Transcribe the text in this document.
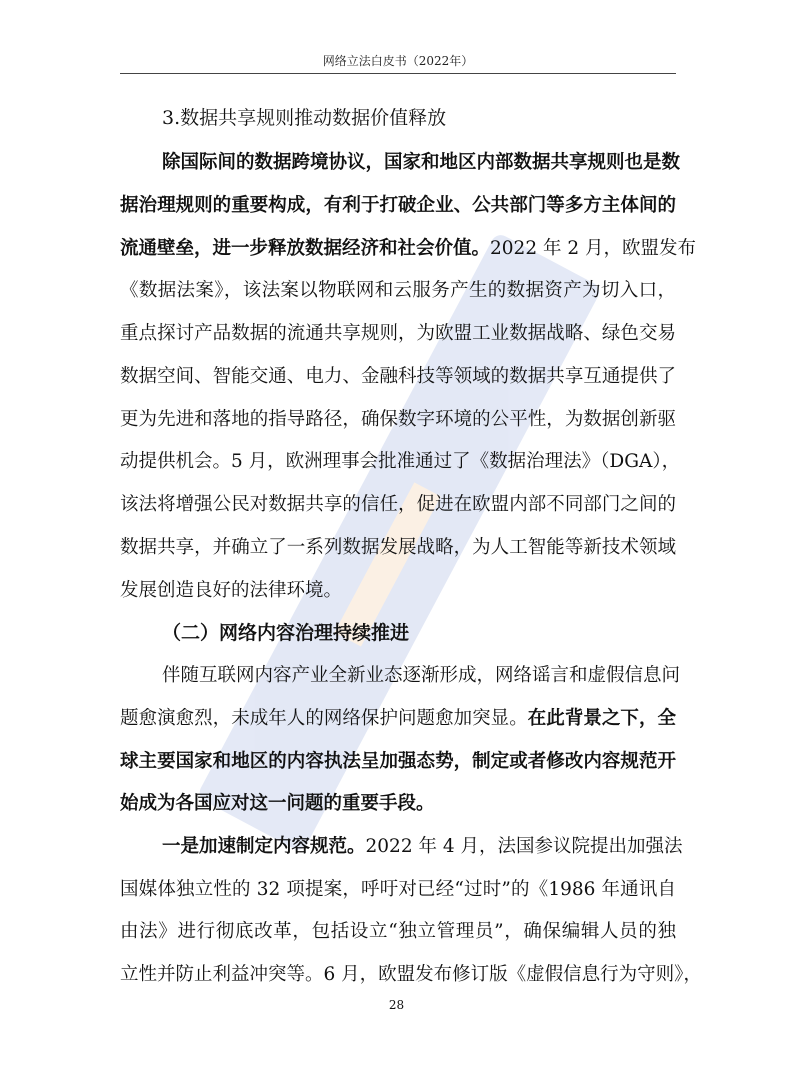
网络立法白皮书（2022年）
3.数据共享规则推动数据价值释放
除国际间的数据跨境协议，国家和地区内部数据共享规则也是数
据治理规则的重要构成，有利于打破企业、公共部门等多方主体间的
流通壁垒，进一步释放数据经济和社会价值。2022 年 2 月，欧盟发布
《数据法案》，该法案以物联网和云服务产生的数据资产为切入口，
重点探讨产品数据的流通共享规则，为欧盟工业数据战略、绿色交易
数据空间、智能交通、电力、金融科技等领域的数据共享互通提供了
更为先进和落地的指导路径，确保数字环境的公平性，为数据创新驱
动提供机会。5 月，欧洲理事会批准通过了《数据治理法》（DGA），
该法将增强公民对数据共享的信任，促进在欧盟内部不同部门之间的
数据共享，并确立了一系列数据发展战略，为人工智能等新技术领域
发展创造良好的法律环境。
（二）网络内容治理持续推进
伴随互联网内容产业全新业态逐渐形成，网络谣言和虚假信息问
题愈演愈烈，未成年人的网络保护问题愈加突显。在此背景之下，全
球主要国家和地区的内容执法呈加强态势，制定或者修改内容规范开
始成为各国应对这一问题的重要手段。
一是加速制定内容规范。2022 年 4 月，法国参议院提出加强法
国媒体独立性的 32 项提案，呼吁对已经“过时”的《1986 年通讯自
由法》进行彻底改革，包括设立“独立管理员”，确保编辑人员的独
立性并防止利益冲突等。6 月，欧盟发布修订版《虚假信息行为守则》，
28
